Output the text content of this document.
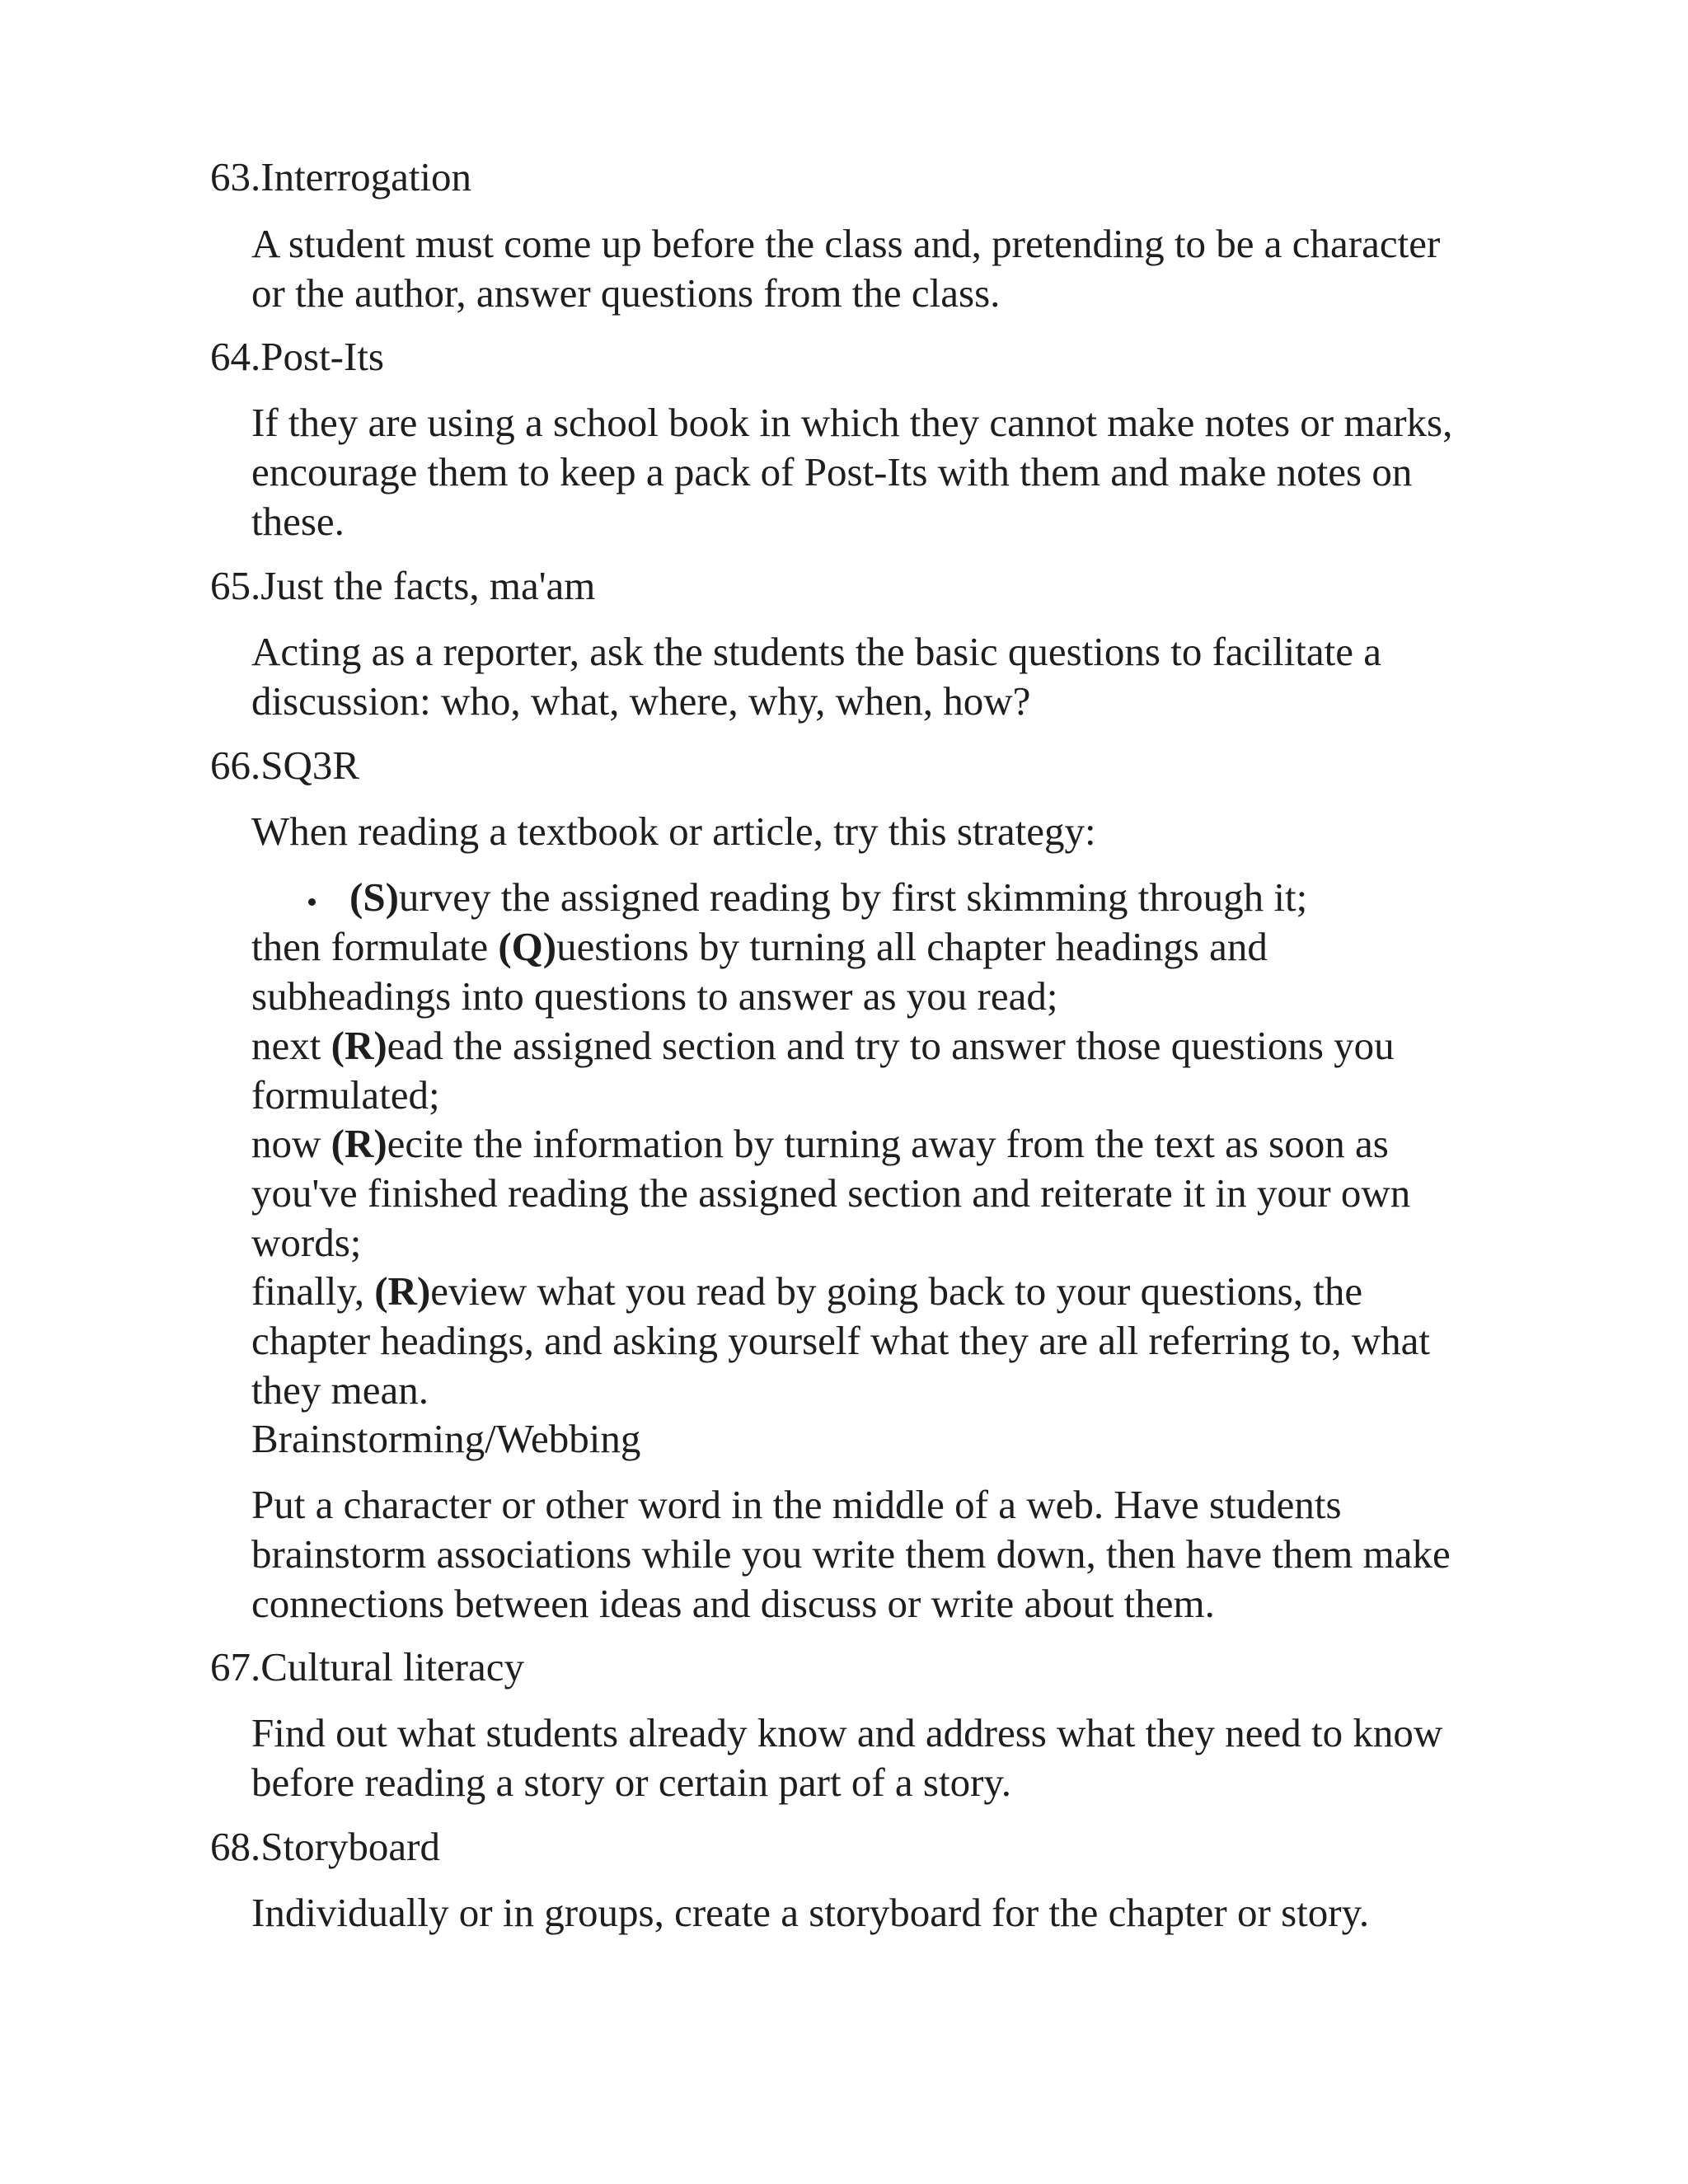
63.Interrogation
A student must come up before the class and, pretending to be a character
or the author, answer questions from the class.
64.Post-Its
If they are using a school book in which they cannot make notes or marks,
encourage them to keep a pack of Post-Its with them and make notes on
these.
65.Just the facts, ma'am
Acting as a reporter, ask the students the basic questions to facilitate a
discussion: who, what, where, why, when, how?
66.SQ3R
When reading a textbook or article, try this strategy:
(S)urvey the assigned reading by first skimming through it;
then formulate (Q)uestions by turning all chapter headings and
subheadings into questions to answer as you read;
next (R)ead the assigned section and try to answer those questions you
formulated;
now (R)ecite the information by turning away from the text as soon as
you've finished reading the assigned section and reiterate it in your own
words;
finally, (R)eview what you read by going back to your questions, the
chapter headings, and asking yourself what they are all referring to, what
they mean.
Brainstorming/Webbing
Put a character or other word in the middle of a web. Have students
brainstorm associations while you write them down, then have them make
connections between ideas and discuss or write about them.
67.Cultural literacy
Find out what students already know and address what they need to know
before reading a story or certain part of a story.
68.Storyboard
Individually or in groups, create a storyboard for the chapter or story.
